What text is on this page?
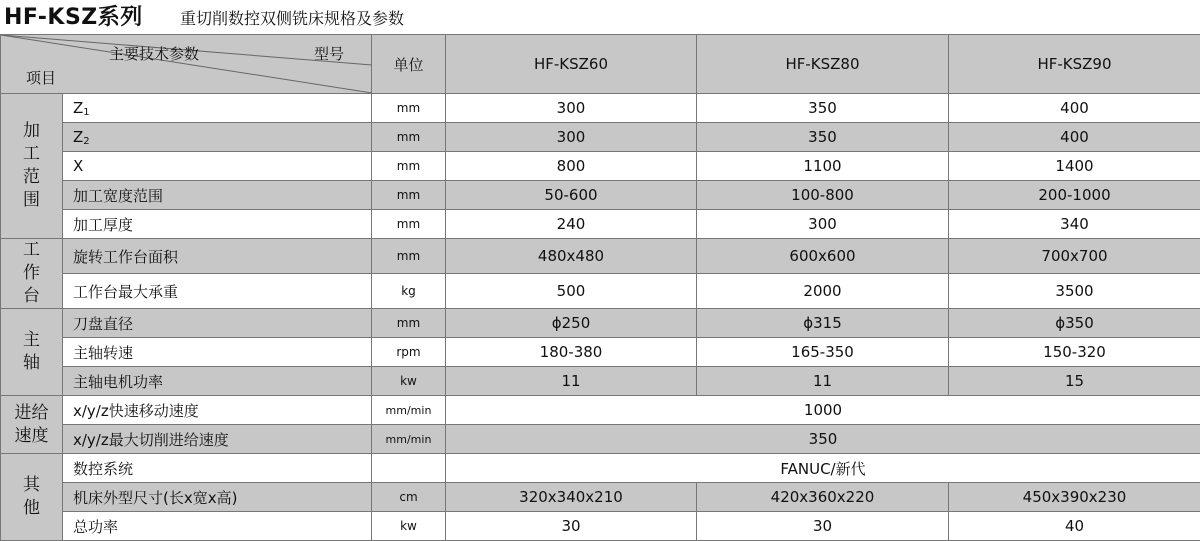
HF-KSZ系列 重切削数控双侧铣床规格及参数
主要技术参数 型号
项目		单位	HF-KSZ60	HF-KSZ80	HF-KSZ90

加工范围	$Z_1$	mm	300	350	400
	$Z_2$	mm	300	350	400
	X	mm	800	1100	1400
	加工宽度范围	mm	50-600	100-800	200-1000
	加工厚度	mm	240	300	340

工作台	旋转工作台面积	mm	480x480	600x600	700x700
	工作台最大承重	kg	500	2000	3500

主轴	刀盘直径	mm	ϕ250	ϕ315	ϕ350
	主轴转速	rpm	180-380	165-350	150-320
	主轴电机功率	kw	11	11	15

进给速度	x/y/z快速移动速度	mm/min	1000		
	x/y/z最大切削进给速度	mm/min	350		

其他	数控系统		FANUC/新代		
	机床外型尺寸(长x宽x高)	cm	320x340x210	420x360x220	450x390x230
	总功率	kw	30	30	40
